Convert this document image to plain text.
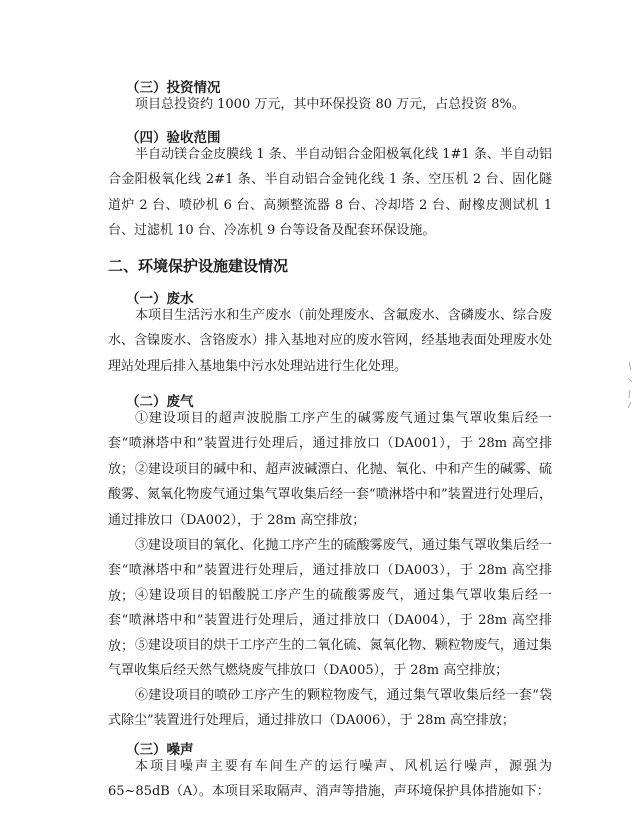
（三）投资情况
项目总投资约 1000 万元，其中环保投资 80 万元，占总投资 8%。
（四）验收范围
半自动镁合金皮膜线 1 条、半自动铝合金阳极氧化线 1#1 条、半自动铝合金阳极氧化线 2#1 条、半自动铝合金钝化线 1 条、空压机 2 台、固化隧道炉 2 台、喷砂机 6 台、高频整流器 8 台、冷却塔 2 台、耐橡皮测试机 1 台、过滤机 10 台、冷冻机 9 台等设备及配套环保设施。
二、环境保护设施建设情况
（一）废水
本项目生活污水和生产废水（前处理废水、含氟废水、含磷废水、综合废水、含镍废水、含铬废水）排入基地对应的废水管网，经基地表面处理废水处理站处理后排入基地集中污水处理站进行生化处理。
（二）废气
①建设项目的超声波脱脂工序产生的碱雾废气通过集气罩收集后经一套“喷淋塔中和”装置进行处理后，通过排放口（DA001），于 28m 高空排放； ②建设项目的碱中和、超声波碱漂白、化抛、氧化、中和产生的碱雾、硫酸雾、氮氧化物废气通过集气罩收集后经一套“喷淋塔中和”装置进行处理后，通过排放口（DA002），于 28m 高空排放；
③建设项目的氧化、化抛工序产生的硫酸雾废气，通过集气罩收集后经一套“喷淋塔中和”装置进行处理后，通过排放口（DA003），于 28m 高空排放； ④建设项目的铝酸脱工序产生的硫酸雾废气，通过集气罩收集后经一套“喷淋塔中和”装置进行处理后，通过排放口（DA004），于 28m 高空排放； ⑤建设项目的烘干工序产生的二氧化硫、氮氧化物、颗粒物废气，通过集气罩收集后经天然气燃烧废气排放口（DA005），于 28m 高空排放；
⑥建设项目的喷砂工序产生的颗粒物废气，通过集气罩收集后经一套“袋式除尘”装置进行处理后，通过排放口（DA006），于 28m 高空排放；
（三）噪声
本项目噪声主要有车间生产的运行噪声、风机运行噪声，源强为 65~85dB（A）。本项目采取隔声、消声等措施，声环境保护具体措施如下：
